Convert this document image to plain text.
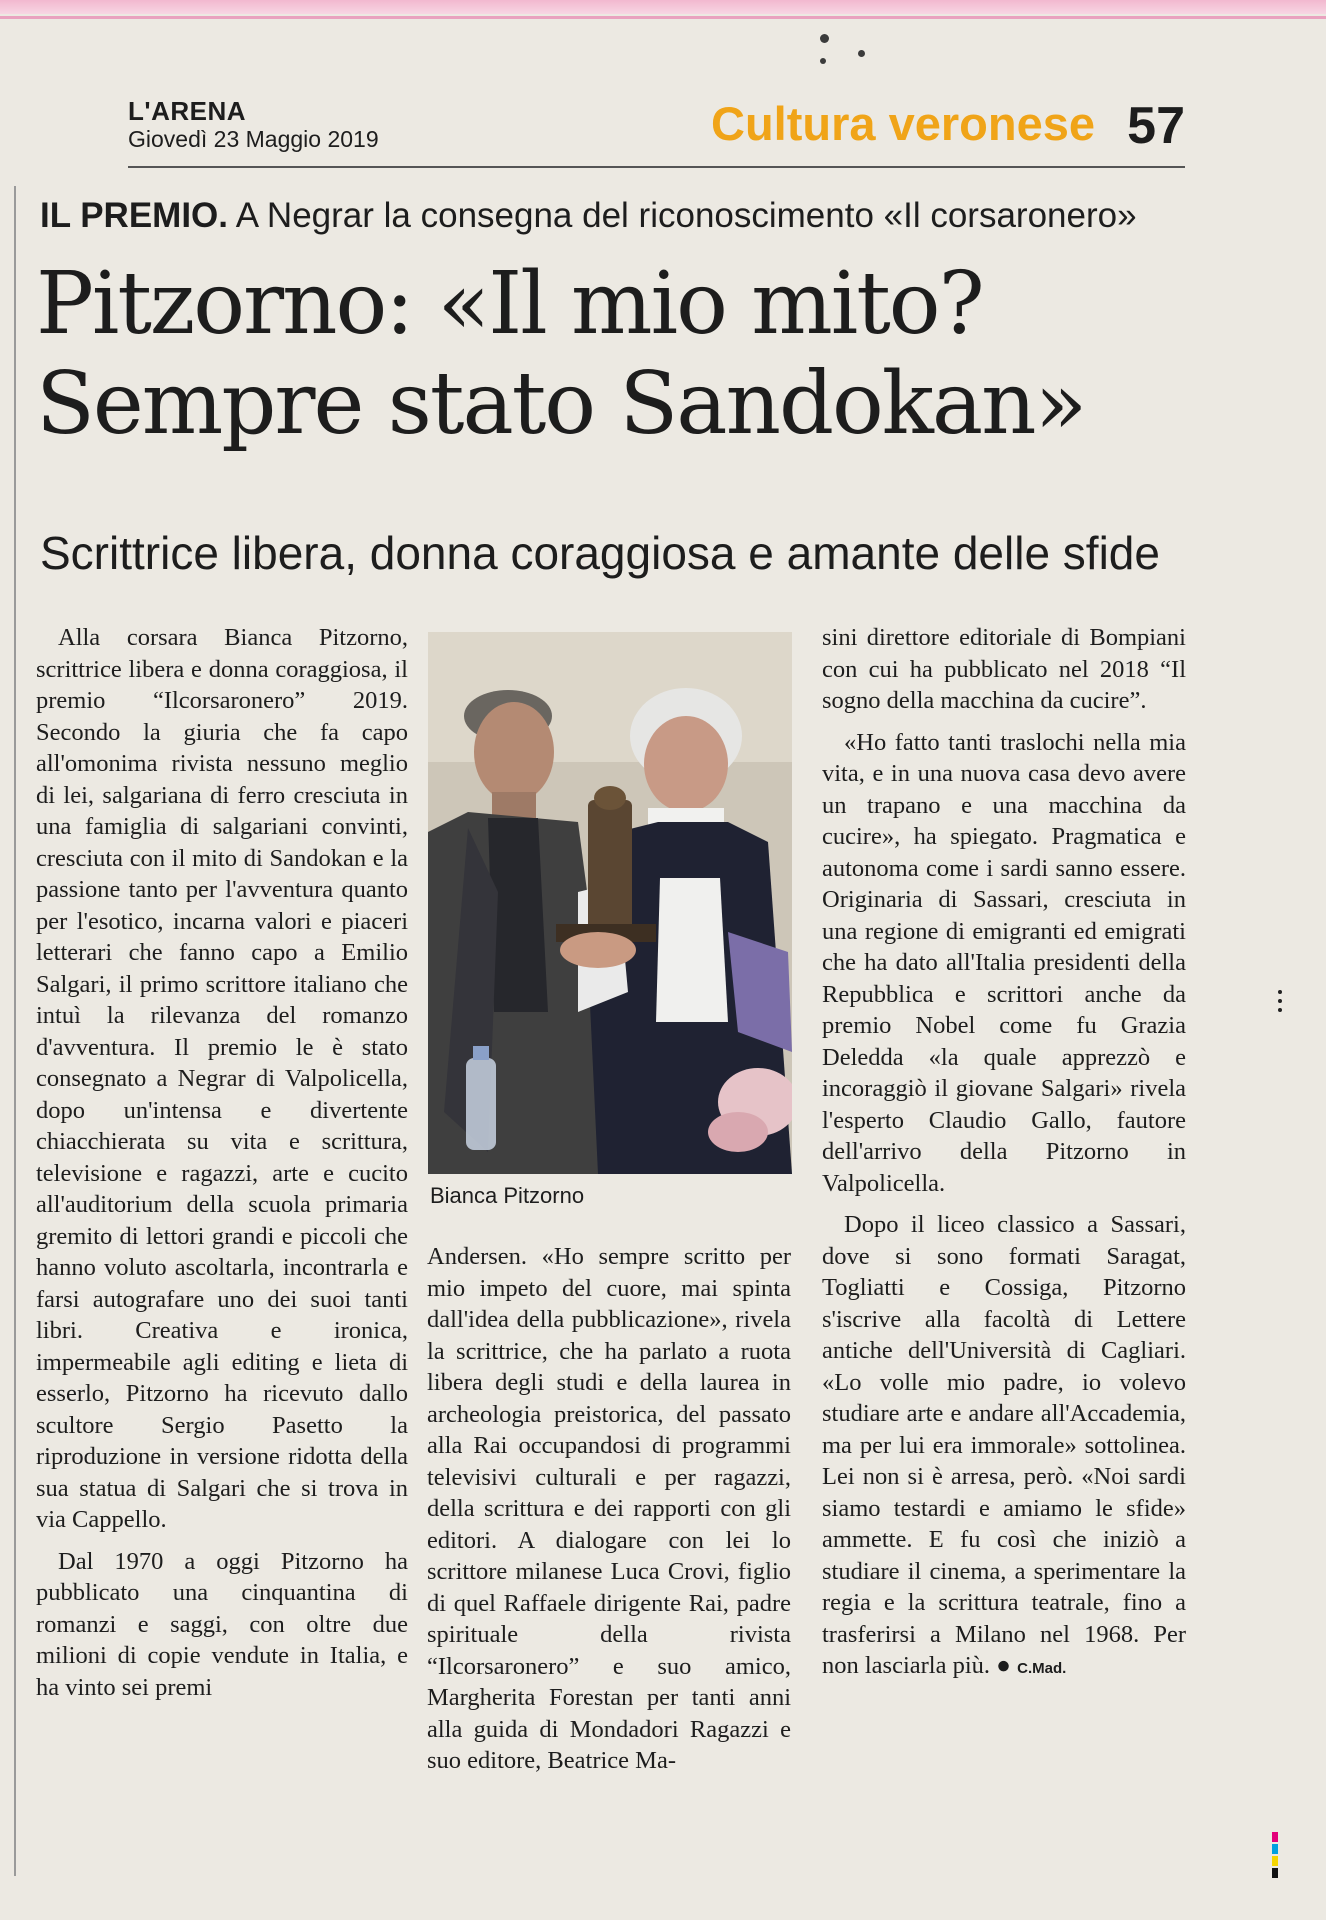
L'ARENA
Giovedì 23 Maggio 2019	Cultura veronese 57
IL PREMIO. A Negrar la consegna del riconoscimento «Il corsaronero»
Pitzorno: «Il mio mito?
Sempre stato Sandokan»
Scrittrice libera, donna coraggiosa e amante delle sfide

Alla corsara Bianca Pitzorno, scrittrice libera e donna coraggiosa, il premio “Ilcorsaronero” 2019. Secondo la giuria che fa capo all'omonima rivista nessuno meglio di lei, salgariana di ferro cresciuta in una famiglia di salgariani convinti, cresciuta con il mito di Sandokan e la passione tanto per l'avventura quanto per l'esotico, incarna valori e piaceri letterari che fanno capo a Emilio Salgari, il primo scrittore italiano che intuì la rilevanza del romanzo d'avventura. Il premio le è stato consegnato a Negrar di Valpolicella, dopo un'intensa e divertente chiacchierata su vita e scrittura, televisione e ragazzi, arte e cucito all'auditorium della scuola primaria gremito di lettori grandi e piccoli che hanno voluto ascoltarla, incontrarla e farsi autografare uno dei suoi tanti libri. Creativa e ironica, impermeabile agli editing e lieta di esserlo, Pitzorno ha ricevuto dallo scultore Sergio Pasetto la riproduzione in versione ridotta della sua statua di Salgari che si trova in via Cappello.

Dal 1970 a oggi Pitzorno ha pubblicato una cinquantina di romanzi e saggi, con oltre due milioni di copie vendute in Italia, e ha vinto sei premi

Bianca Pitzorno

Andersen. «Ho sempre scritto per mio impeto del cuore, mai spinta dall'idea della pubblicazione», rivela la scrittrice, che ha parlato a ruota libera degli studi e della laurea in archeologia preistorica, del passato alla Rai occupandosi di programmi televisivi culturali e per ragazzi, della scrittura e dei rapporti con gli editori. A dialogare con lei lo scrittore milanese Luca Crovi, figlio di quel Raffaele dirigente Rai, padre spirituale della rivista “Ilcorsaronero” e suo amico, Margherita Forestan per tanti anni alla guida di Mondadori Ragazzi e suo editore, Beatrice Ma-

sini direttore editoriale di Bompiani con cui ha pubblicato nel 2018 “Il sogno della macchina da cucire”.

«Ho fatto tanti traslochi nella mia vita, e in una nuova casa devo avere un trapano e una macchina da cucire», ha spiegato. Pragmatica e autonoma come i sardi sanno essere. Originaria di Sassari, cresciuta in una regione di emigranti ed emigrati che ha dato all'Italia presidenti della Repubblica e scrittori anche da premio Nobel come fu Grazia Deledda «la quale apprezzò e incoraggiò il giovane Salgari» rivela l'esperto Claudio Gallo, fautore dell'arrivo della Pitzorno in Valpolicella.

Dopo il liceo classico a Sassari, dove si sono formati Saragat, Togliatti e Cossiga, Pitzorno s'iscrive alla facoltà di Lettere antiche dell'Università di Cagliari. «Lo volle mio padre, io volevo studiare arte e andare all'Accademia, ma per lui era immorale» sottolinea. Lei non si è arresa, però. «Noi sardi siamo testardi e amiamo le sfide» ammette. E fu così che iniziò a studiare il cinema, a sperimentare la regia e la scrittura teatrale, fino a trasferirsi a Milano nel 1968. Per non lasciarla più. ● C.Mad.
